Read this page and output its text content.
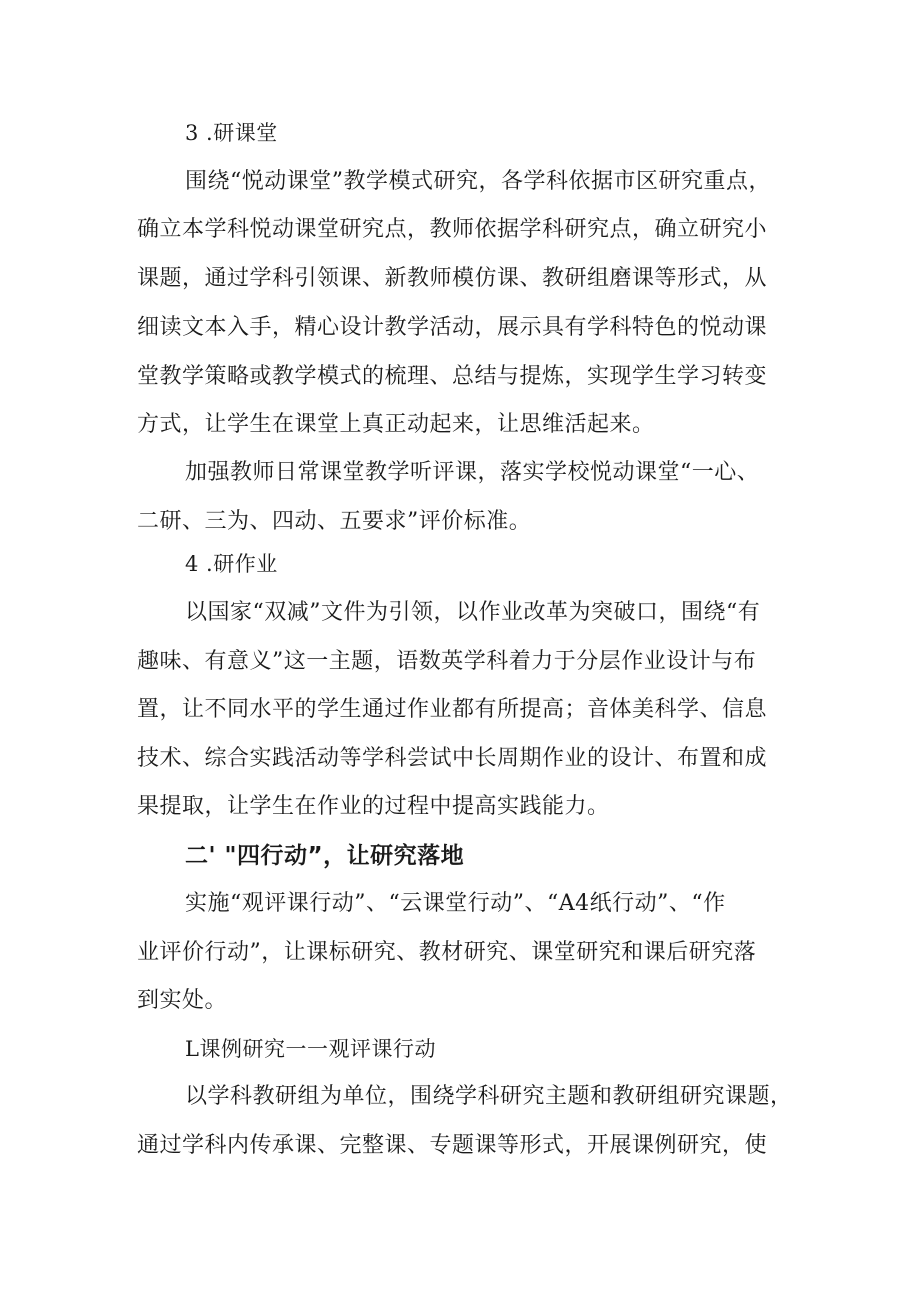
3 .研课堂
围绕“悦动课堂”教学模式研究，各学科依据市区研究重点，
确立本学科悦动课堂研究点，教师依据学科研究点，确立研究小
课题，通过学科引领课、新教师模仿课、教研组磨课等形式，从
细读文本入手，精心设计教学活动，展示具有学科特色的悦动课
堂教学策略或教学模式的梳理、总结与提炼，实现学生学习转变
方式，让学生在课堂上真正动起来，让思维活起来。
加强教师日常课堂教学听评课，落实学校悦动课堂“一心、
二研、三为、四动、五要求”评价标准。
4 .研作业
以国家“双减”文件为引领，以作业改革为突破口，围绕“有
趣味、有意义”这一主题，语数英学科着力于分层作业设计与布
置，让不同水平的学生通过作业都有所提高；音体美科学、信息
技术、综合实践活动等学科尝试中长周期作业的设计、布置和成
果提取，让学生在作业的过程中提高实践能力。
二' "四行动”，让研究落地
实施“观评课行动”、“云课堂行动”、“A4纸行动”、“作
业评价行动”，让课标研究、教材研究、课堂研究和课后研究落
到实处。
L课例研究一一观评课行动
以学科教研组为单位，围绕学科研究主题和教研组研究课题，
通过学科内传承课、完整课、专题课等形式，开展课例研究，使
